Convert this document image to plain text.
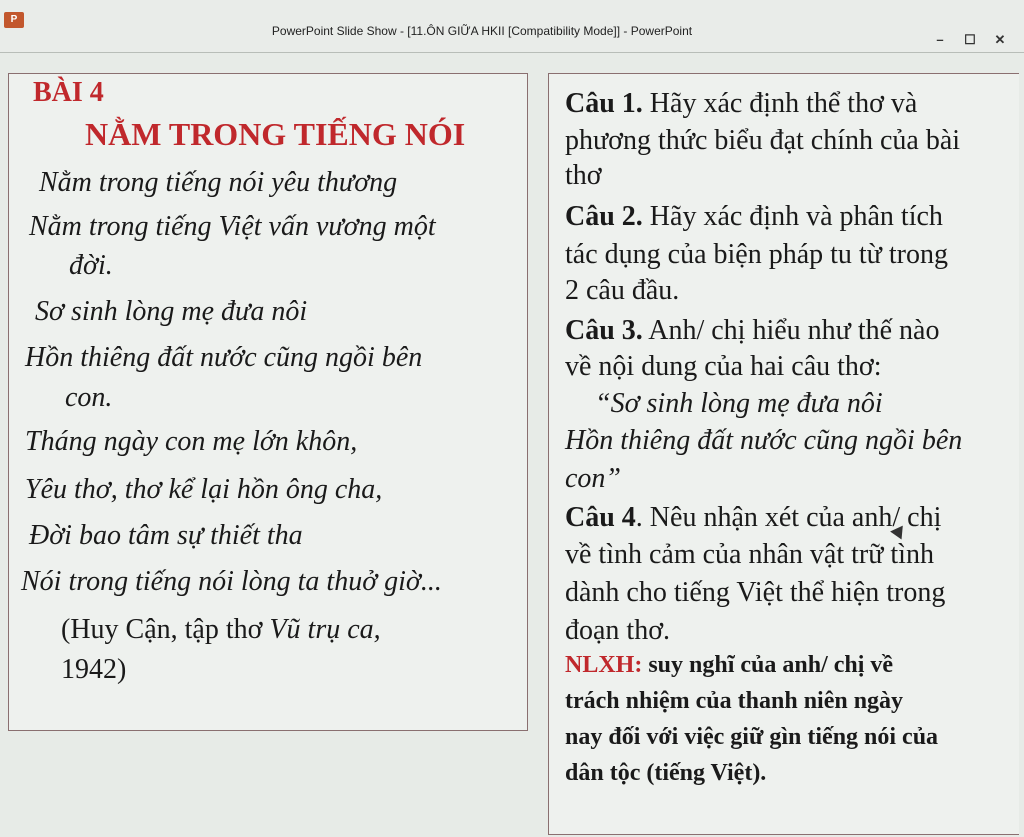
P
PowerPoint Slide Show - [11.ÔN GIỮA HKII [Compatibility Mode]] - PowerPoint
–	☐	✕
BÀI 4
NẰM TRONG TIẾNG NÓI
Nằm trong tiếng nói yêu thương
Nằm trong tiếng Việt vấn vương một
đời.
Sơ sinh lòng mẹ đưa nôi
Hồn thiêng đất nước cũng ngồi bên
con.
Tháng ngày con mẹ lớn khôn,
Yêu thơ, thơ kể lại hồn ông cha,
Đời bao tâm sự thiết tha
Nói trong tiếng nói lòng ta thuở giờ...
(Huy Cận, tập thơ Vũ trụ ca,
1942)
Câu 1. Hãy xác định thể thơ và
phương thức biểu đạt chính của bài
thơ
Câu 2. Hãy xác định và phân tích
tác dụng của biện pháp tu từ trong
2 câu đầu.
Câu 3. Anh/ chị hiểu như thế nào
về nội dung của hai câu thơ:
“Sơ sinh lòng mẹ đưa nôi
Hồn thiêng đất nước cũng ngồi bên
con”
Câu 4. Nêu nhận xét của anh/ chị
về tình cảm của nhân vật trữ tình
dành cho tiếng Việt thể hiện trong
đoạn thơ.
NLXH: suy nghĩ của anh/ chị về
trách nhiệm của thanh niên ngày
nay đối với việc giữ gìn tiếng nói của
dân tộc (tiếng Việt).
